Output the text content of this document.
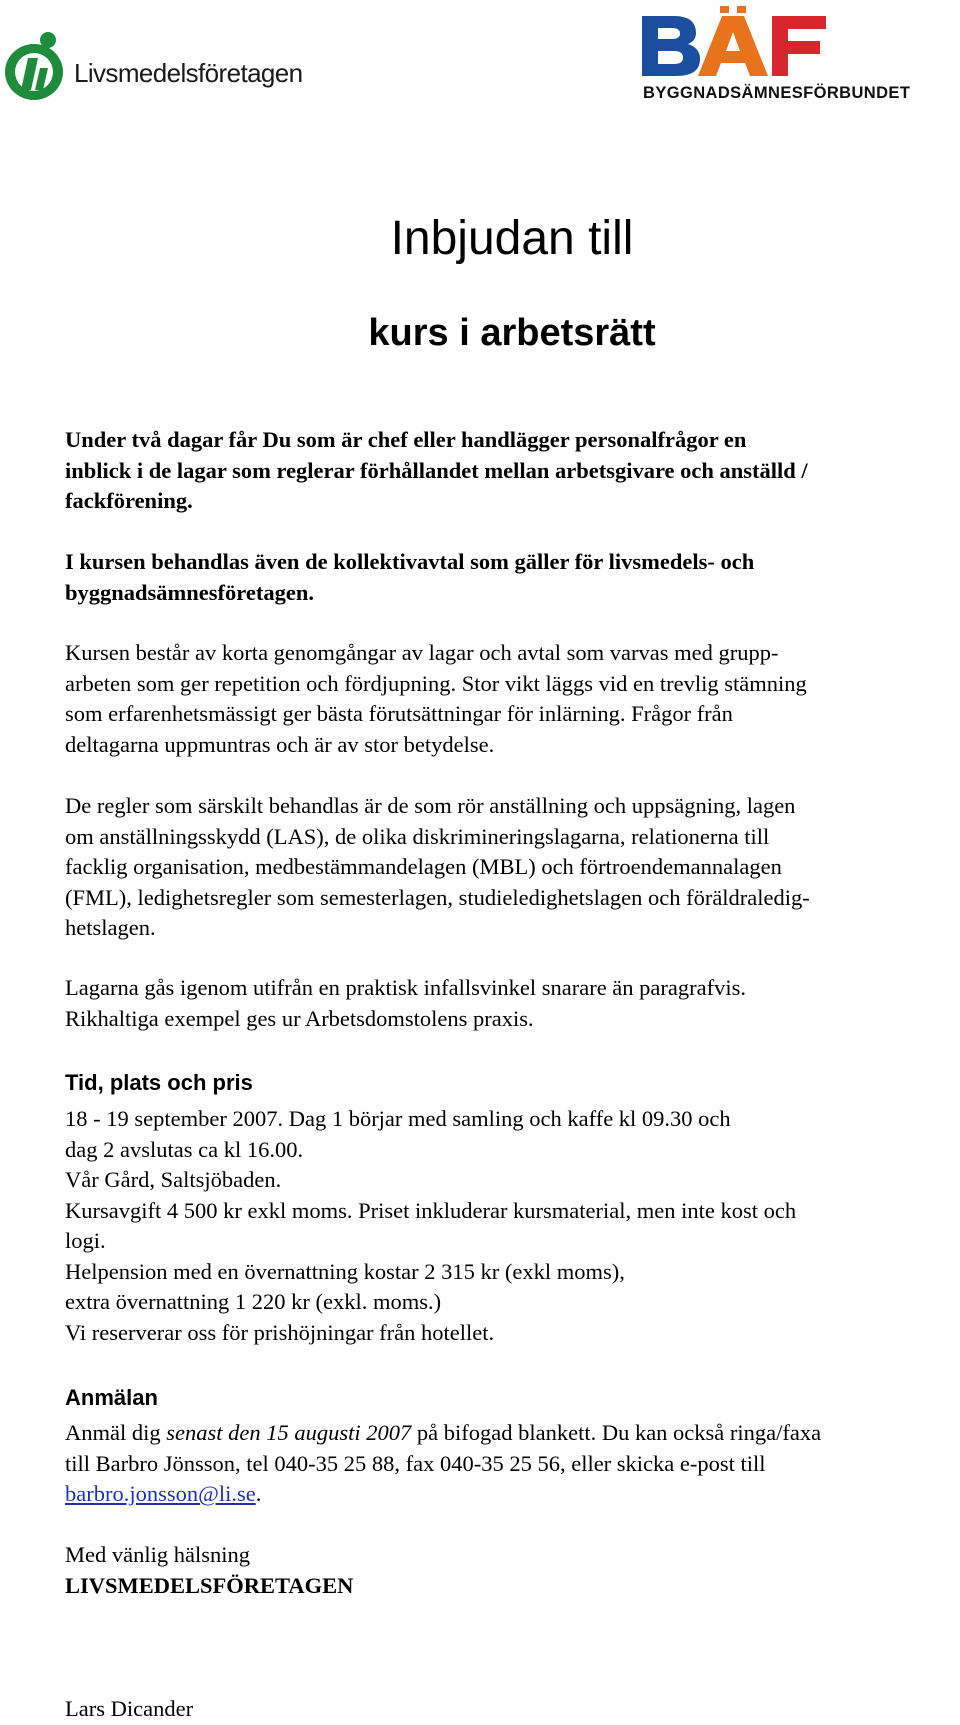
Livsmedelsföretagen
BYGGNADSÄMNESFÖRBUNDET
Inbjudan till
kurs i arbetsrätt

Under två dagar får Du som är chef eller handlägger personalfrågor en

inblick i de lagar som reglerar förhållandet mellan arbetsgivare och anställd /

fackförening.

I kursen behandlas även de kollektivavtal som gäller för livsmedels- och

byggnadsämnesföretagen.

Kursen består av korta genomgångar av lagar och avtal som varvas med grupp-

arbeten som ger repetition och fördjupning. Stor vikt läggs vid en trevlig stämning

som erfarenhetsmässigt ger bästa förutsättningar för inlärning. Frågor från

deltagarna uppmuntras och är av stor betydelse.

De regler som särskilt behandlas är de som rör anställning och uppsägning, lagen

om anställningsskydd (LAS), de olika diskrimineringslagarna, relationerna till

facklig organisation, medbestämmandelagen (MBL) och förtroendemannalagen

(FML), ledighetsregler som semesterlagen, studieledighetslagen och föräldraledig-

hetslagen.

Lagarna gås igenom utifrån en praktisk infallsvinkel snarare än paragrafvis.

Rikhaltiga exempel ges ur Arbetsdomstolens praxis.

Tid, plats och pris

18 - 19 september 2007. Dag 1 börjar med samling och kaffe kl 09.30 och

dag 2 avslutas ca kl 16.00.

Vår Gård, Saltsjöbaden.

Kursavgift 4 500 kr exkl moms. Priset inkluderar kursmaterial, men inte kost och

logi.

Helpension med en övernattning kostar 2 315 kr (exkl moms),

extra övernattning 1 220 kr (exkl. moms.)

Vi reserverar oss för prishöjningar från hotellet.

Anmälan

Anmäl dig senast den 15 augusti 2007 på bifogad blankett. Du kan också ringa/faxa

till Barbro Jönsson, tel 040-35 25 88, fax 040-35 25 56, eller skicka e-post till

barbro.jonsson@li.se.

Med vänlig hälsning

LIVSMEDELSFÖRETAGEN

Lars Dicander
